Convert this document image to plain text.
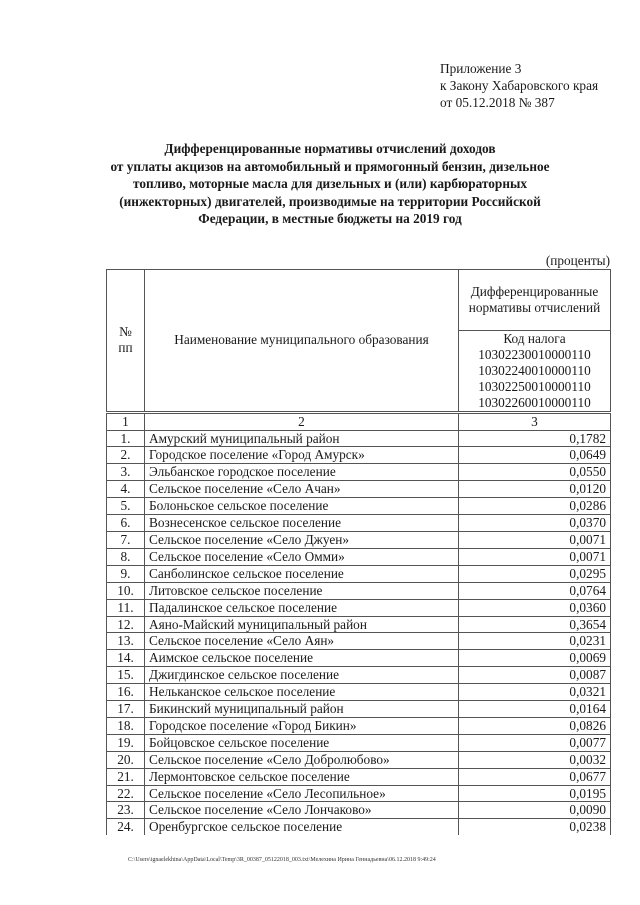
Приложение 3
к Закону Хабаровского края
от 05.12.2018 № 387
Дифференцированные нормативы отчислений доходов
от уплаты акцизов на автомобильный и прямогонный бензин, дизельное
топливо, моторные масла для дизельных и (или) карбюраторных
(инжекторных) двигателей, производимые на территории Российской
Федерации, в местные бюджеты на 2019 год
(проценты)
№
пп	Наименование муниципального образования	Дифференцированные нормативы отчислений

		Код налога
10302230010000110
10302240010000110
10302250010000110
10302260010000110

1	2	3
1.	Амурский муниципальный район	0,1782
2.	Городское поселение «Город Амурск»	0,0649
3.	Эльбанское городское поселение	0,0550
4.	Сельское поселение «Село Ачан»	0,0120
5.	Болоньское сельское поселение	0,0286
6.	Вознесенское сельское поселение	0,0370
7.	Сельское поселение «Село Джуен»	0,0071
8.	Сельское поселение «Село Омми»	0,0071
9.	Санболинское сельское поселение	0,0295
10.	Литовское сельское поселение	0,0764
11.	Падалинское сельское поселение	0,0360
12.	Аяно-Майский муниципальный район	0,3654
13.	Сельское поселение «Село Аян»	0,0231
14.	Аимское сельское поселение	0,0069
15.	Джигдинское сельское поселение	0,0087
16.	Нельканское сельское поселение	0,0321
17.	Бикинский муниципальный район	0,0164
18.	Городское поселение «Город Бикин»	0,0826
19.	Бойцовское сельское поселение	0,0077
20.	Сельское поселение «Село Добролюбово»	0,0032
21.	Лермонтовское сельское поселение	0,0677
22.	Сельское поселение «Село Лесопильное»	0,0195
23.	Сельское поселение «Село Лончаково»	0,0090
24.	Оренбургское сельское поселение	0,0238
C:\Users\ignaelekhina\AppData\Local\Temp\3R_00387_05122018_003.txt\Мелехина Ирина Геннадьевна\06.12.2018 9:49:24
